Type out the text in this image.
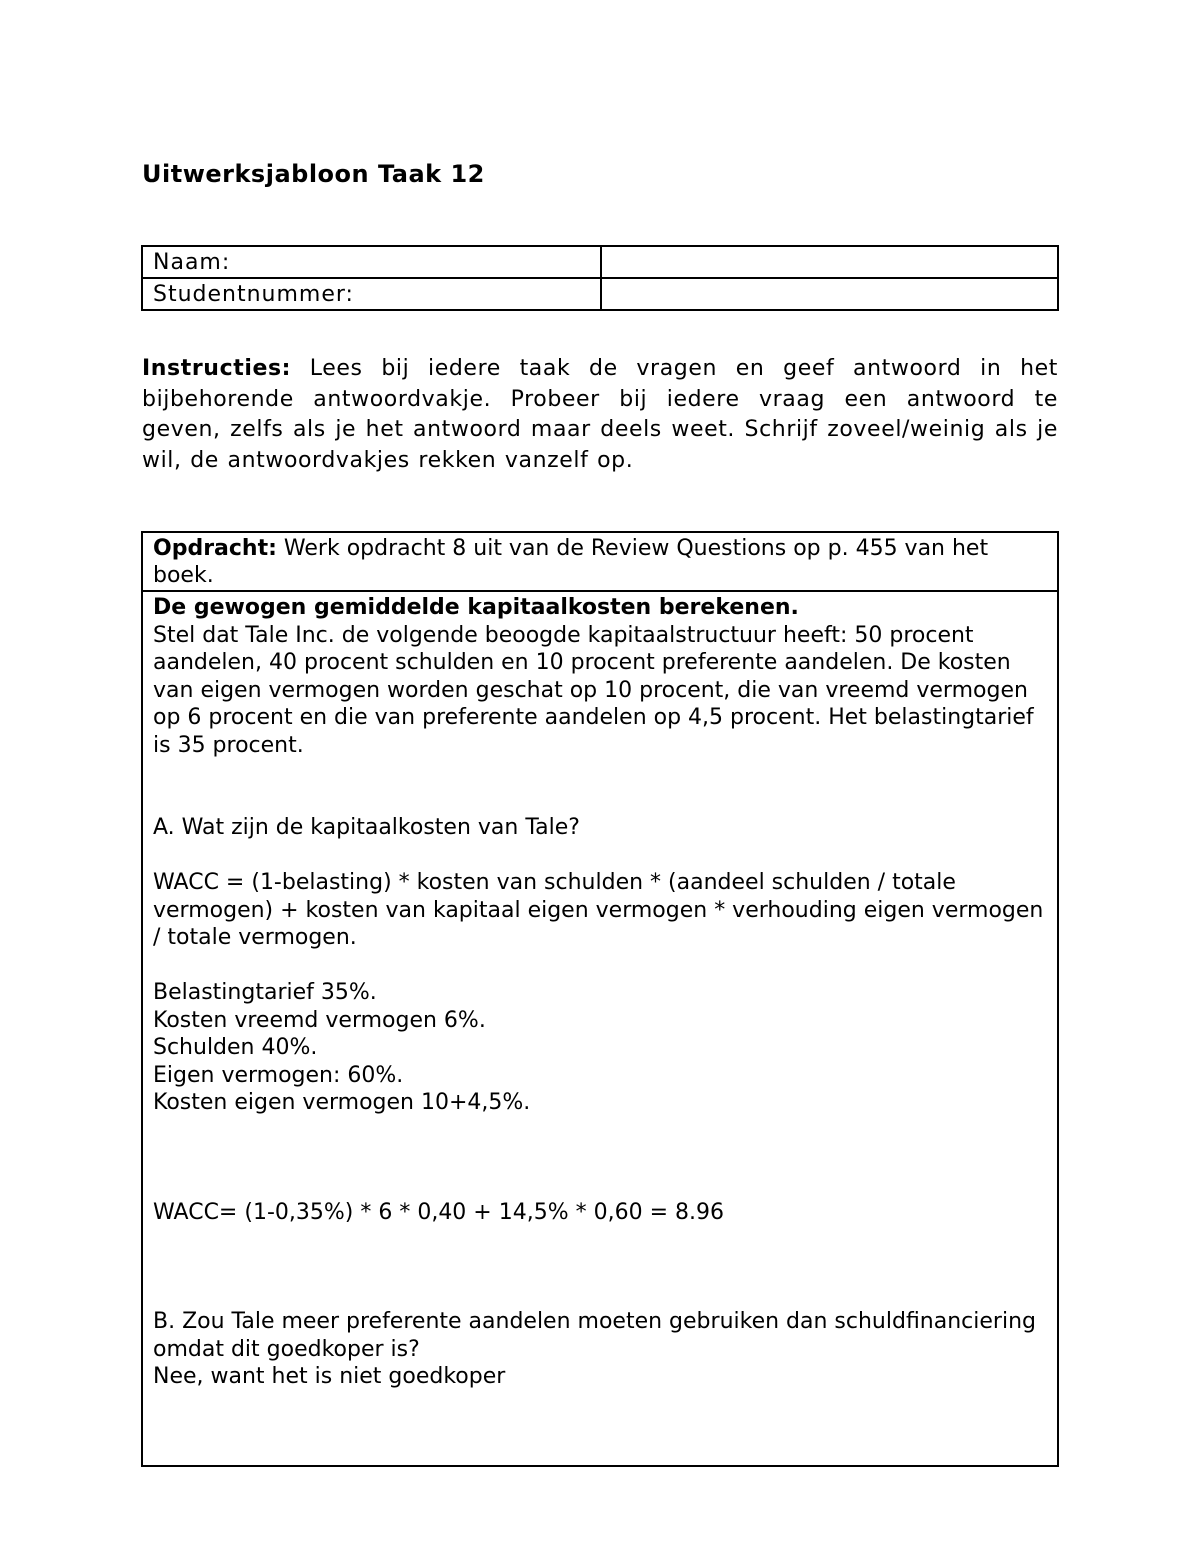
Uitwerksjabloon Taak 12
Naam:	
Studentnummer:	

Instructies: Lees bij iedere taak de vragen en geef antwoord in het bijbehorende antwoordvakje. Probeer bij iedere vraag een antwoord te geven, zelfs als je het antwoord maar deels weet. Schrijf zoveel/weinig als je wil, de antwoordvakjes rekken vanzelf op.

Opdracht: Werk opdracht 8 uit van de Review Questions op p. 455 van het boek.

De gewogen gemiddelde kapitaalkosten berekenen.

Stel dat Tale Inc. de volgende beoogde kapitaalstructuur heeft: 50 procent aandelen, 40 procent schulden en 10 procent preferente aandelen. De kosten van eigen vermogen worden geschat op 10 procent, die van vreemd vermogen op 6 procent en die van preferente aandelen op 4,5 procent. Het belastingtarief is 35 procent.

A. Wat zijn de kapitaalkosten van Tale?

WACC = (1-belasting) * kosten van schulden * (aandeel schulden / totale vermogen) + kosten van kapitaal eigen vermogen * verhouding eigen vermogen / totale vermogen.

Belastingtarief 35%.

Kosten vreemd vermogen 6%.

Schulden 40%.

Eigen vermogen: 60%.

Kosten eigen vermogen 10+4,5%.

WACC= (1-0,35%) * 6 * 0,40 + 14,5% * 0,60 = 8.96

B. Zou Tale meer preferente aandelen moeten gebruiken dan schuldfinanciering omdat dit goedkoper is?

Nee, want het is niet goedkoper
